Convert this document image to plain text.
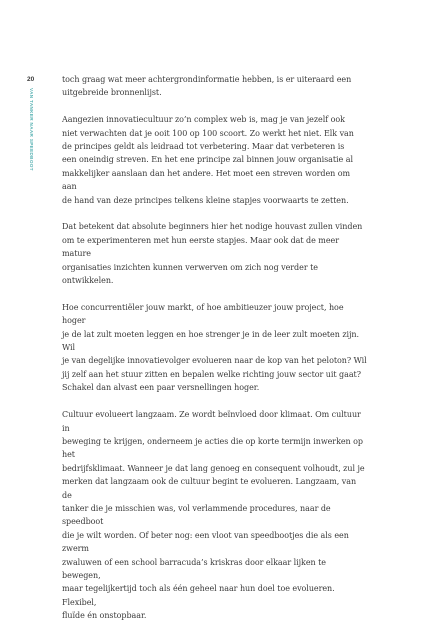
20
VAN TANKER NAAR SPEEDBOOT

toch graag wat meer achtergrondinformatie hebben, is er uiteraard een
uitgebreide bronnenlijst.

Aangezien innovatiecultuur zo’n complex web is, mag je van jezelf ook
niet verwachten dat je ooit 100 op 100 scoort. Zo werkt het niet. Elk van
de principes geldt als leidraad tot verbetering. Maar dat verbeteren is
een oneindig streven. En het ene principe zal binnen jouw organisatie al
makkelijker aanslaan dan het andere. Het moet een streven worden om aan
de hand van deze principes telkens kleine stapjes voorwaarts te zetten.

Dat betekent dat absolute beginners hier het nodige houvast zullen vinden
om te experimenteren met hun eerste stapjes. Maar ook dat de meer mature
organisaties inzichten kunnen verwerven om zich nog verder te ontwikkelen.

Hoe concurrentiëler jouw markt, of hoe ambitieuzer jouw project, hoe hoger
je de lat zult moeten leggen en hoe strenger je in de leer zult moeten zijn. Wil
je van degelijke innovatievolger evolueren naar de kop van het peloton? Wil
jij zelf aan het stuur zitten en bepalen welke richting jouw sector uit gaat?
Schakel dan alvast een paar versnellingen hoger.

Cultuur evolueert langzaam. Ze wordt beïnvloed door klimaat. Om cultuur in
beweging te krijgen, onderneem je acties die op korte termijn inwerken op het
bedrijfsklimaat. Wanneer je dat lang genoeg en consequent volhoudt, zul je
merken dat langzaam ook de cultuur begint te evolueren. Langzaam, van de
tanker die je misschien was, vol verlammende procedures, naar de speedboot
die je wilt worden. Of beter nog: een vloot van speedbootjes die als een zwerm
zwaluwen of een school barracuda’s kriskras door elkaar lijken te bewegen,
maar tegelijkertijd toch als één geheel naar hun doel toe evolueren. Flexibel,
fluïde én onstopbaar.
